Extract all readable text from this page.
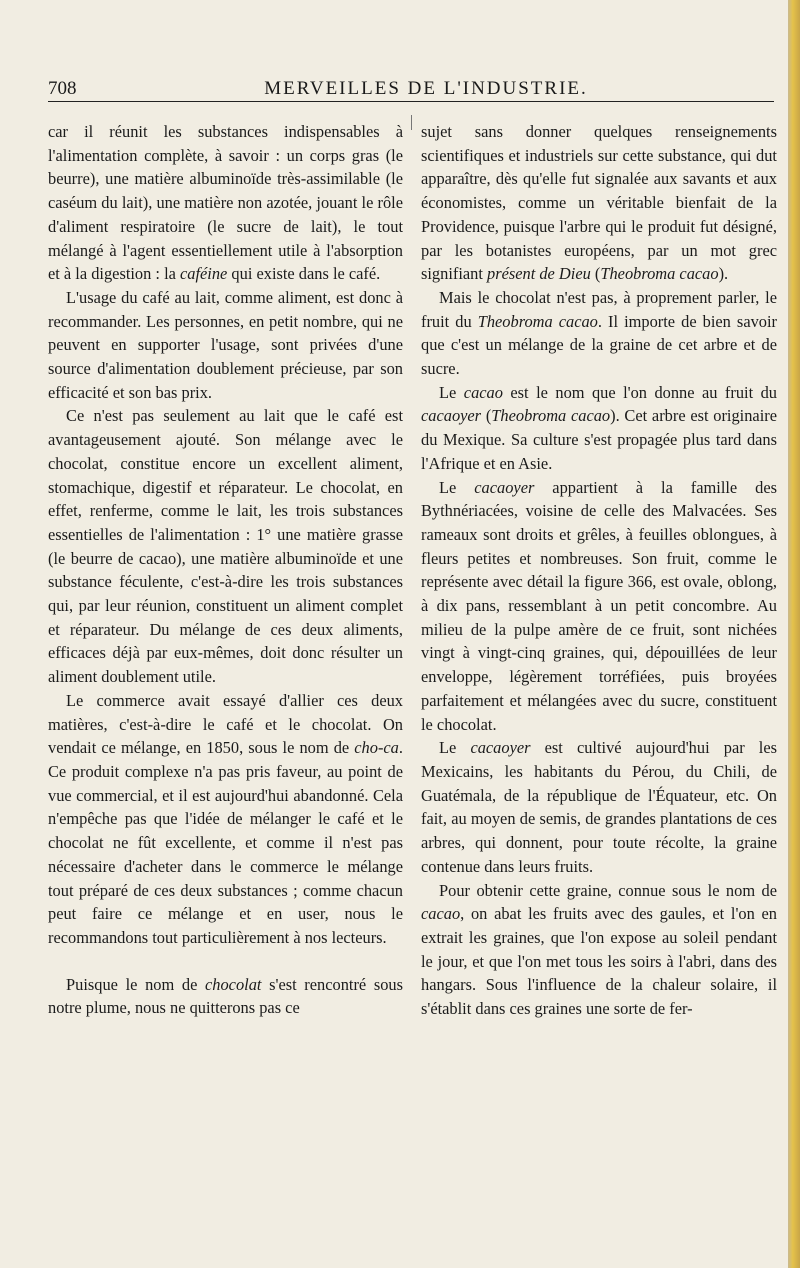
708	MERVEILLES DE L'INDUSTRIE.

car il réunit les substances indispensables à l'alimentation complète, à savoir : un corps gras (le beurre), une matière albuminoïde très-assimilable (le caséum du lait), une matière non azotée, jouant le rôle d'aliment respiratoire (le sucre de lait), le tout mélangé à l'agent essentiellement utile à l'absorption et à la digestion : la caféine qui existe dans le café.

L'usage du café au lait, comme aliment, est donc à recommander. Les personnes, en petit nombre, qui ne peuvent en supporter l'usage, sont privées d'une source d'alimentation doublement précieuse, par son efficacité et son bas prix.

Ce n'est pas seulement au lait que le café est avantageusement ajouté. Son mélange avec le chocolat, constitue encore un excellent aliment, stomachique, digestif et réparateur. Le chocolat, en effet, renferme, comme le lait, les trois substances essentielles de l'alimentation : 1° une matière grasse (le beurre de cacao), une matière albuminoïde et une substance féculente, c'est-à-dire les trois substances qui, par leur réunion, constituent un aliment complet et réparateur. Du mélange de ces deux aliments, efficaces déjà par eux-mêmes, doit donc résulter un aliment doublement utile.

Le commerce avait essayé d'allier ces deux matières, c'est-à-dire le café et le chocolat. On vendait ce mélange, en 1850, sous le nom de cho-ca. Ce produit complexe n'a pas pris faveur, au point de vue commercial, et il est aujourd'hui abandonné. Cela n'empêche pas que l'idée de mélanger le café et le chocolat ne fût excellente, et comme il n'est pas nécessaire d'acheter dans le commerce le mélange tout préparé de ces deux substances ; comme chacun peut faire ce mélange et en user, nous le recommandons tout particulièrement à nos lecteurs.

Puisque le nom de chocolat s'est rencontré sous notre plume, nous ne quitterons pas ce

sujet sans donner quelques renseignements scientifiques et industriels sur cette substance, qui dut apparaître, dès qu'elle fut signalée aux savants et aux économistes, comme un véritable bienfait de la Providence, puisque l'arbre qui le produit fut désigné, par les botanistes européens, par un mot grec signifiant présent de Dieu (Theobroma cacao).

Mais le chocolat n'est pas, à proprement parler, le fruit du Theobroma cacao. Il importe de bien savoir que c'est un mélange de la graine de cet arbre et de sucre.

Le cacao est le nom que l'on donne au fruit du cacaoyer (Theobroma cacao). Cet arbre est originaire du Mexique. Sa culture s'est propagée plus tard dans l'Afrique et en Asie.

Le cacaoyer appartient à la famille des Bythnériacées, voisine de celle des Malvacées. Ses rameaux sont droits et grêles, à feuilles oblongues, à fleurs petites et nombreuses. Son fruit, comme le représente avec détail la figure 366, est ovale, oblong, à dix pans, ressemblant à un petit concombre. Au milieu de la pulpe amère de ce fruit, sont nichées vingt à vingt-cinq graines, qui, dépouillées de leur enveloppe, légèrement torréfiées, puis broyées parfaitement et mélangées avec du sucre, constituent le chocolat.

Le cacaoyer est cultivé aujourd'hui par les Mexicains, les habitants du Pérou, du Chili, de Guatémala, de la république de l'Équateur, etc. On fait, au moyen de semis, de grandes plantations de ces arbres, qui donnent, pour toute récolte, la graine contenue dans leurs fruits.

Pour obtenir cette graine, connue sous le nom de cacao, on abat les fruits avec des gaules, et l'on en extrait les graines, que l'on expose au soleil pendant le jour, et que l'on met tous les soirs à l'abri, dans des hangars. Sous l'influence de la chaleur solaire, il s'établit dans ces graines une sorte de fer-
